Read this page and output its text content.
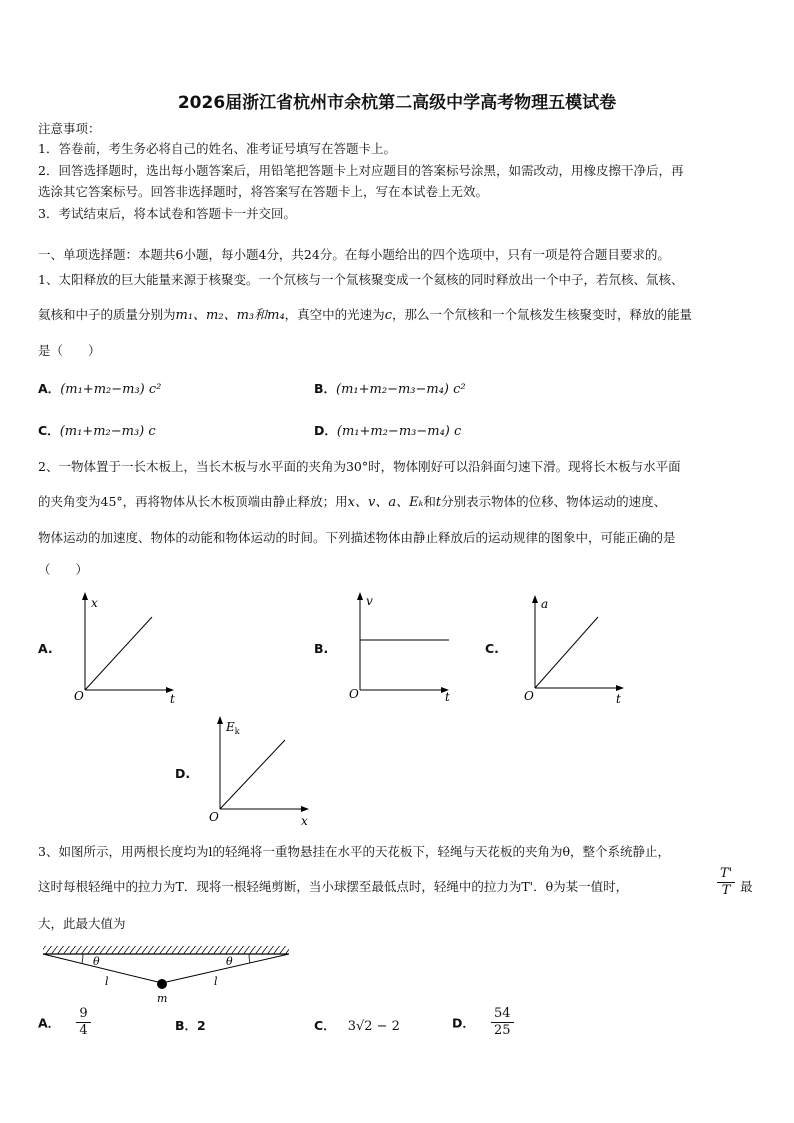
2026届浙江省杭州市余杭第二高级中学高考物理五模试卷
注意事项：
1．答卷前，考生务必将自己的姓名、准考证号填写在答题卡上。
2．回答选择题时，选出每小题答案后，用铅笔把答题卡上对应题目的答案标号涂黑，如需改动，用橡皮擦干净后，再
选涂其它答案标号。回答非选择题时，将答案写在答题卡上，写在本试卷上无效。
3．考试结束后，将本试卷和答题卡一并交回。
一、单项选择题：本题共6小题，每小题4分，共24分。在每小题给出的四个选项中，只有一项是符合题目要求的。
1、太阳释放的巨大能量来源于核聚变。一个氘核与一个氚核聚变成一个氦核的同时释放出一个中子，若氘核、氚核、
氦核和中子的质量分别为m₁、m₂、m₃和m₄，真空中的光速为c，那么一个氘核和一个氚核发生核聚变时，释放的能量
是（　　）
A．(m₁+m₂−m₃) c²	B．(m₁+m₂−m₃−m₄) c²
C．(m₁+m₂−m₃) c	D．(m₁+m₂−m₃−m₄) c
2、一物体置于一长木板上，当长木板与水平面的夹角为30°时，物体刚好可以沿斜面匀速下滑。现将长木板与水平面
的夹角变为45°，再将物体从长木板顶端由静止释放；用x、v、a、Eₖ和t分别表示物体的位移、物体运动的速度、
物体运动的加速度、物体的动能和物体运动的时间。下列描述物体由静止释放后的运动规律的图象中，可能正确的是
（　　）
A.
x
O	t
B.
v
O	t
C.
a
O	t
D.
$E_k$
O	x
3、如图所示，用两根长度均为l的轻绳将一重物悬挂在水平的天花板下，轻绳与天花板的夹角为θ，整个系统静止，
这时每根轻绳中的拉力为T．现将一根轻绳剪断，当小球摆至最低点时，轻绳中的拉力为T'．θ为某一值时，	$\frac{T'}{T}$ 最
大，此最大值为
θ	θ
l	l
m
A． $\frac{9}{4}$	B．2	C． 3√2 − 2	D． $\frac{54}{25}$
